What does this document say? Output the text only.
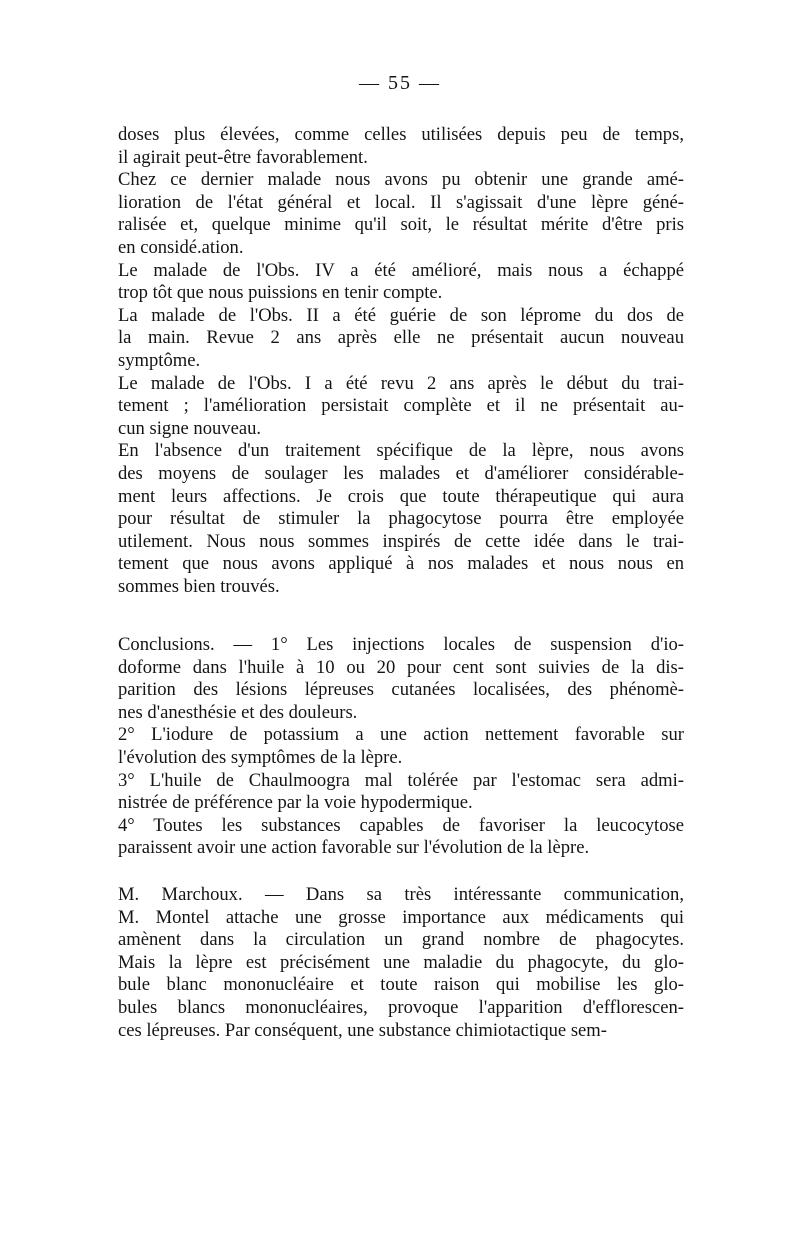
— 55 —

doses plus élevées, comme celles utilisées depuis peu de temps,
il agirait peut-être favorablement.

Chez ce dernier malade nous avons pu obtenir une grande amé-
lioration de l'état général et local. Il s'agissait d'une lèpre géné-
ralisée et, quelque minime qu'il soit, le résultat mérite d'être pris
en considé.ation.

Le malade de l'Obs. IV a été amélioré, mais nous a échappé
trop tôt que nous puissions en tenir compte.

La malade de l'Obs. II a été guérie de son léprome du dos de
la main. Revue 2 ans après elle ne présentait aucun nouveau
symptôme.

Le malade de l'Obs. I a été revu 2 ans après le début du trai-
tement ; l'amélioration persistait complète et il ne présentait au-
cun signe nouveau.

En l'absence d'un traitement spécifique de la lèpre, nous avons
des moyens de soulager les malades et d'améliorer considérable-
ment leurs affections. Je crois que toute thérapeutique qui aura
pour résultat de stimuler la phagocytose pourra être employée
utilement. Nous nous sommes inspirés de cette idée dans le trai-
tement que nous avons appliqué à nos malades et nous nous en
sommes bien trouvés.

Conclusions. — 1° Les injections locales de suspension d'io-
doforme dans l'huile à 10 ou 20 pour cent sont suivies de la dis-
parition des lésions lépreuses cutanées localisées, des phénomè-
nes d'anesthésie et des douleurs.

2° L'iodure de potassium a une action nettement favorable sur
l'évolution des symptômes de la lèpre.

3° L'huile de Chaulmoogra mal tolérée par l'estomac sera admi-
nistrée de préférence par la voie hypodermique.

4° Toutes les substances capables de favoriser la leucocytose
paraissent avoir une action favorable sur l'évolution de la lèpre.

M. Marchoux. — Dans sa très intéressante communication,
M. Montel attache une grosse importance aux médicaments qui
amènent dans la circulation un grand nombre de phagocytes.
Mais la lèpre est précisément une maladie du phagocyte, du glo-
bule blanc mononucléaire et toute raison qui mobilise les glo-
bules blancs mononucléaires, provoque l'apparition d'efflorescen-
ces lépreuses. Par conséquent, une substance chimiotactique sem-
